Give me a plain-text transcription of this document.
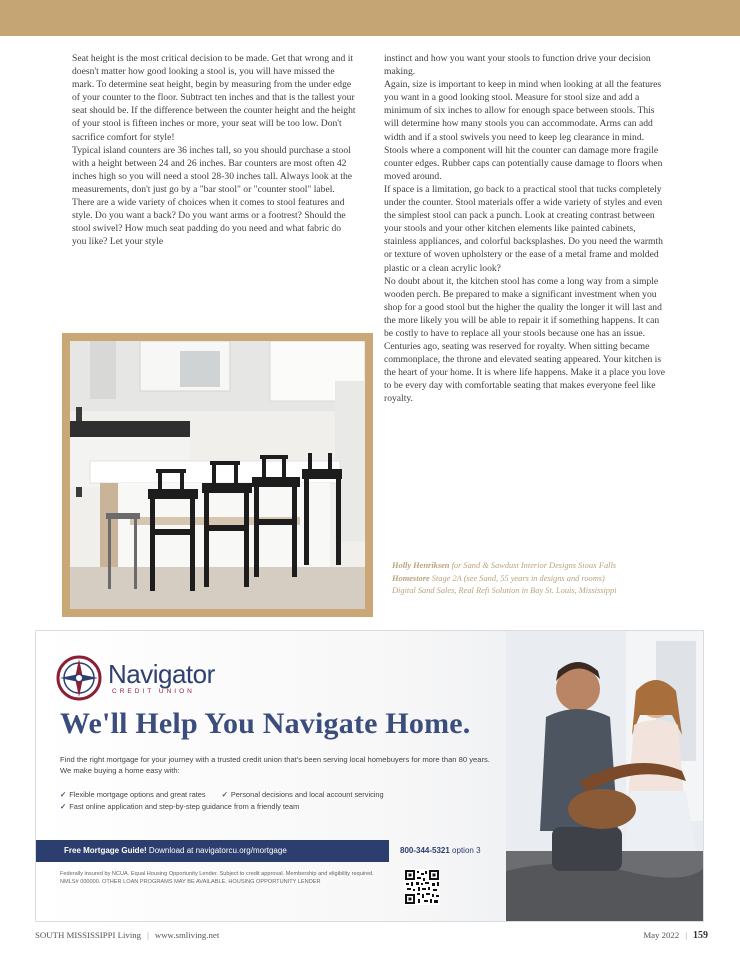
Seat height is the most critical decision to be made. Get that wrong and it doesn't matter how good looking a stool is, you will have missed the mark. To determine seat height, begin by measuring from the under edge of your counter to the floor. Subtract ten inches and that is the tallest your seat should be. If the difference between the counter height and the height of your stool is fifteen inches or more, your seat will be too low. Don't sacrifice comfort for style!

Typical island counters are 36 inches tall, so you should purchase a stool with a height between 24 and 26 inches. Bar counters are most often 42 inches high so you will need a stool 28-30 inches tall. Always look at the measurements, don't just go by a "bar stool" or "counter stool" label.

There are a wide variety of choices when it comes to stool features and style. Do you want a back? Do you want arms or a footrest? Should the stool swivel? How much seat padding do you need and what fabric do you like? Let your style

instinct and how you want your stools to function drive your decision making.

Again, size is important to keep in mind when looking at all the features you want in a good looking stool. Measure for stool size and add a minimum of six inches to allow for enough space between stools. This will determine how many stools you can accommodate. Arms can add width and if a stool swivels you need to keep leg clearance in mind. Stools where a component will hit the counter can damage more fragile counter edges. Rubber caps can potentially cause damage to floors when moved around.

If space is a limitation, go back to a practical stool that tucks completely under the counter. Stool materials offer a wide variety of styles and even the simplest stool can pack a punch. Look at creating contrast between your stools and your other kitchen elements like painted cabinets, stainless appliances, and colorful backsplashes. Do you need the warmth or texture of woven upholstery or the ease of a metal frame and molded plastic or a clean acrylic look?

No doubt about it, the kitchen stool has come a long way from a simple wooden perch. Be prepared to make a significant investment when you shop for a good stool but the higher the quality the longer it will last and the more likely you will be able to repair it if something happens. It can be costly to have to replace all your stools because one has an issue.

Centuries ago, seating was reserved for royalty. When sitting became commonplace, the throne and elevated seating appeared. Your kitchen is the heart of your home. It is where life happens. Make it a place you love to be every day with comfortable seating that makes everyone feel like royalty.

Holly Henriksen for Sand & Sawdust Interior Designs Sioux Falls
Homestore Stage 2A (see Sand, 55 years in designs and rooms)
Digital Sand Sales, Real Refi Solution in Bay St. Louis, Mississippi
Navigator
CREDIT UNION
We'll Help You Navigate Home.
Find the right mortgage for your journey with a trusted credit union that's been serving local homebuyers for more than 80 years. We make buying a home easy with:
✓ Flexible mortgage options and great rates ✓ Personal decisions and local account servicing
✓ Fast online application and step-by-step guidance from a friendly team
Free Mortgage Guide! Download at navigatorcu.org/mortgage	800-344-5321 option 3
Federally insured by NCUA. Equal Housing Opportunity Lender. Subject to credit approval. Membership and eligibility required. NMLS# 000000. OTHER LOAN PROGRAMS MAY BE AVAILABLE. HOUSING OPPORTUNITY LENDER
SOUTH MISSISSIPPI Living | www.smliving.net	May 2022 | 159
